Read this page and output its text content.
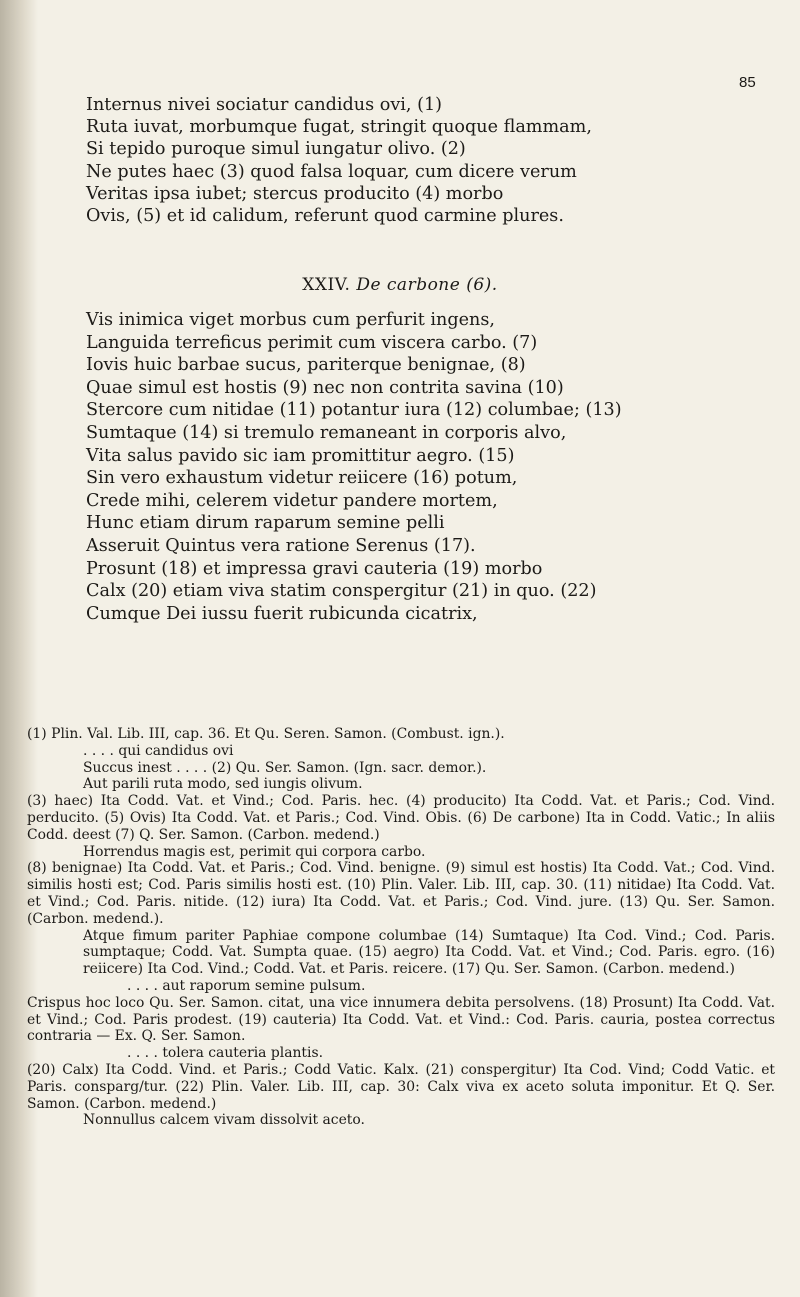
85
Internus nivei sociatur candidus ovi, (1)
Ruta iuvat, morbumque fugat, stringit quoque flammam,
Si tepido puroque simul iungatur olivo. (2)
Ne putes haec (3) quod falsa loquar, cum dicere verum
Veritas ipsa iubet; stercus producito (4) morbo
Ovis, (5) et id calidum, referunt quod carmine plures.
XXIV. De carbone (6).
Vis inimica viget morbus cum perfurit ingens,
Languida terreficus perimit cum viscera carbo. (7)
Iovis huic barbae sucus, pariterque benignae, (8)
Quae simul est hostis (9) nec non contrita savina (10)
Stercore cum nitidae (11) potantur iura (12) columbae; (13)
Sumtaque (14) si tremulo remaneant in corporis alvo,
Vita salus pavido sic iam promittitur aegro. (15)
Sin vero exhaustum videtur reiicere (16) potum,
Crede mihi, celerem videtur pandere mortem,
Hunc etiam dirum raparum semine pelli
Asseruit Quintus vera ratione Serenus (17).
Prosunt (18) et impressa gravi cauteria (19) morbo
Calx (20) etiam viva statim conspergitur (21) in quo. (22)
Cumque Dei iussu fuerit rubicunda cicatrix,

(1) Plin. Val. Lib. III, cap. 36. Et Qu. Seren. Samon. (Combust. ign.).

. . . . qui candidus ovi

Succus inest . . . . (2) Qu. Ser. Samon. (Ign. sacr. demor.).

Aut parili ruta modo, sed iungis olivum.

(3) haec) Ita Codd. Vat. et Vind.; Cod. Paris. hec. (4) producito) Ita Codd. Vat. et Paris.; Cod. Vind. perducito. (5) Ovis) Ita Codd. Vat. et Paris.; Cod. Vind. Obis. (6) De carbone) Ita in Codd. Vatic.; In aliis Codd. deest (7) Q. Ser. Samon. (Carbon. medend.)

Horrendus magis est, perimit qui corpora carbo.

(8) benignae) Ita Codd. Vat. et Paris.; Cod. Vind. benigne. (9) simul est hostis) Ita Codd. Vat.; Cod. Vind. similis hosti est; Cod. Paris similis hosti est. (10) Plin. Valer. Lib. III, cap. 30. (11) nitidae) Ita Codd. Vat. et Vind.; Cod. Paris. nitide. (12) iura) Ita Codd. Vat. et Paris.; Cod. Vind. jure. (13) Qu. Ser. Samon. (Carbon. medend.).

Atque fimum pariter Paphiae compone columbae (14) Sumtaque) Ita Cod. Vind.; Cod. Paris. sumptaque; Codd. Vat. Sumpta quae. (15) aegro) Ita Codd. Vat. et Vind.; Cod. Paris. egro. (16) reiicere) Ita Cod. Vind.; Codd. Vat. et Paris. reicere. (17) Qu. Ser. Samon. (Carbon. medend.)

. . . . aut raporum semine pulsum.

Crispus hoc loco Qu. Ser. Samon. citat, una vice innumera debita persolvens. (18) Prosunt) Ita Codd. Vat. et Vind.; Cod. Paris prodest. (19) cauteria) Ita Codd. Vat. et Vind.: Cod. Paris. cauria, postea correctus contraria — Ex. Q. Ser. Samon.

. . . . tolera cauteria plantis.

(20) Calx) Ita Codd. Vind. et Paris.; Codd Vatic. Kalx. (21) conspergitur) Ita Cod. Vind; Codd Vatic. et Paris. consparg/tur. (22) Plin. Valer. Lib. III, cap. 30: Calx viva ex aceto soluta imponitur. Et Q. Ser. Samon. (Carbon. medend.)

Nonnullus calcem vivam dissolvit aceto.
